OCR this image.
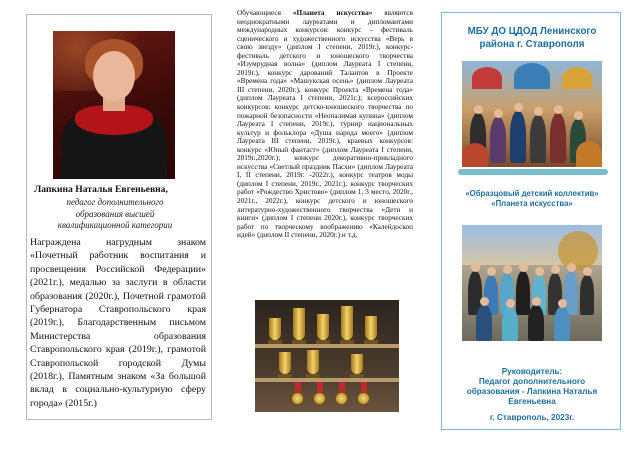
Лапкина Наталья Евгеньевна,
педагог дополнительного
образования высшей
квалификационной категории
Награждена нагрудным знаком «Почетный работник воспитания и просвещения Российской Федерации» (2021г.), медалью за заслуги в области образования (2020г.), Почетной грамотой Губернатора Ставропольского края (2019г.), Благодарственным письмом Министерства образования Ставропольского края (2019г.), грамотой Ставропольской городской Думы (2018г.), Памятным знаком «За большой вклад в социально-культурную сферу города» (2015г.)
Обучающиеся «Планета искусства» являются неоднократными лауреатами и дипломантами международных конкурсов: конкурс – фестиваль сценического и художественного искусства «Верь в свою звезду» (диплом I степени, 2019г.), конкурс-фестиваль детского и юношеского творчества «Изумрудная волна» (диплом Лауреата I степени, 2019г.), конкурс дарований Талантов в Проекте «Времена года» «Машукская осень» (диплом Лауреата III степени, 2020г.), конкурс Проекта «Времена года» (диплом Лауреата I степени, 2021г.); всероссийских конкурсов: конкурс детско-юношеского творчества по пожарной безопасности «Неопалимая купина» (диплом Лауреата I степени, 2019г.), турнир национальных культур и фольклора «Душа народа моего» (диплом Лауреата III степени, 2019г.), краевых конкурсов: конкурс «Юный фантаст» (диплом Лауреата I степени, 2019г.,2020г.); конкурс декоративно-прикладного искусства «Светлый праздник Пасхи» (диплом Лауреата I, II степени, 2019г. -2022г.), конкурс театров моды (диплом I степени, 2019г., 2021г.), конкурс творческих работ «Рождество Христово» (диплом 1, 3 место, 2020г., 2021г., 2022г.), конкурс детского и юношеского литературно-художественного творчества «Дети и книги» (диплом I степени 2020г.), конкурс творческих работ по творческому воображению «Калейдоскоп идей» (диплом II степени, 2020г.) и т.д.
МБУ ДО ЦДОД Ленинского
района г. Ставрополя
«Образцовый детский коллектив»
«Планета искусства»
Руководитель:
Педагог дополнительного
образования - Лапкина Наталья
Евгеньевна
г. Ставрополь, 2023г.
